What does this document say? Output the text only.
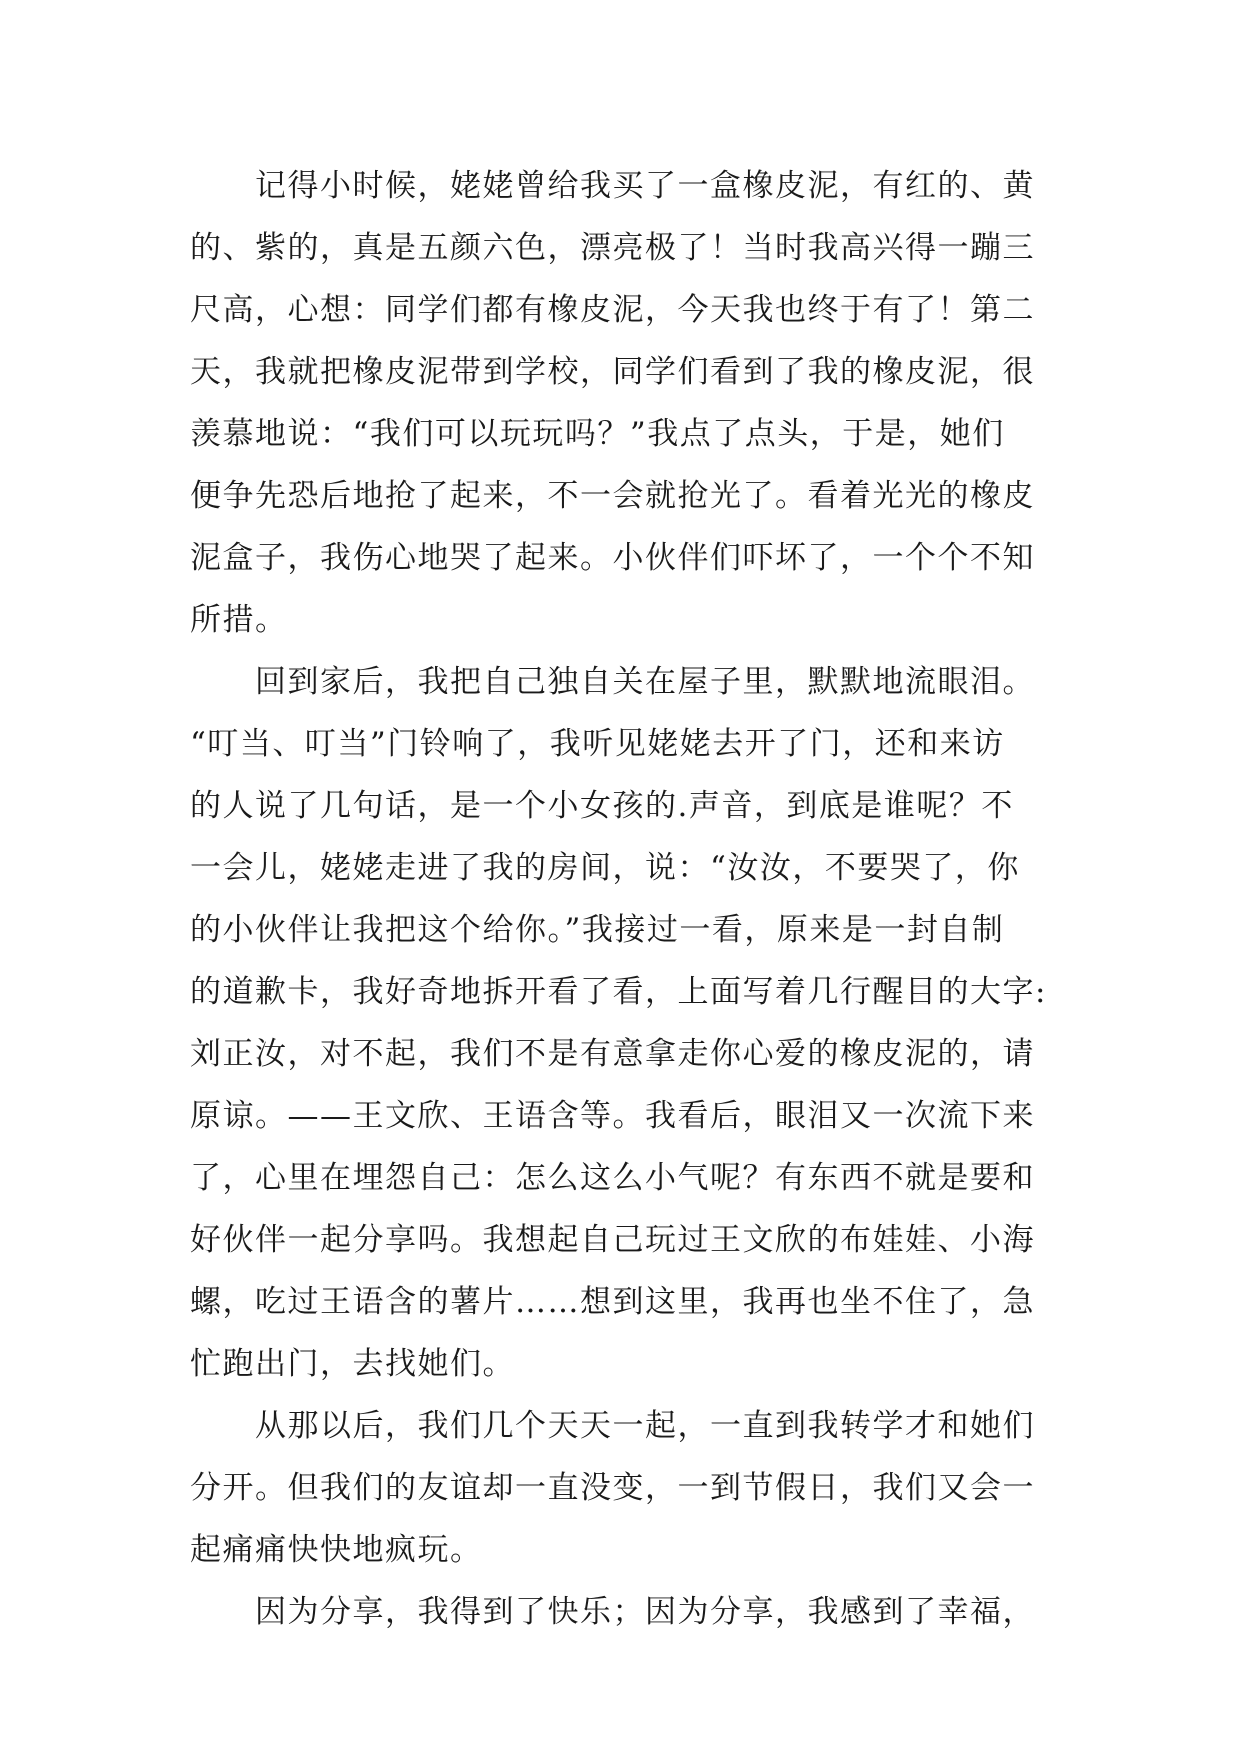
　　记得小时候，姥姥曾给我买了一盒橡皮泥，有红的、黄
的、紫的，真是五颜六色，漂亮极了！当时我高兴得一蹦三
尺高，心想：同学们都有橡皮泥，今天我也终于有了！第二
天，我就把橡皮泥带到学校，同学们看到了我的橡皮泥，很
羡慕地说：“我们可以玩玩吗？”我点了点头，于是，她们
便争先恐后地抢了起来，不一会就抢光了。看着光光的橡皮
泥盒子，我伤心地哭了起来。小伙伴们吓坏了，一个个不知
所措。
　　回到家后，我把自己独自关在屋子里，默默地流眼泪。
“叮当、叮当”门铃响了，我听见姥姥去开了门，还和来访
的人说了几句话，是一个小女孩的.声音，到底是谁呢？不
一会儿，姥姥走进了我的房间，说：“汝汝，不要哭了，你
的小伙伴让我把这个给你。”我接过一看，原来是一封自制
的道歉卡，我好奇地拆开看了看，上面写着几行醒目的大字:
刘正汝，对不起，我们不是有意拿走你心爱的橡皮泥的，请
原谅。——王文欣、王语含等。我看后，眼泪又一次流下来
了，心里在埋怨自己：怎么这么小气呢？有东西不就是要和
好伙伴一起分享吗。我想起自己玩过王文欣的布娃娃、小海
螺，吃过王语含的薯片……想到这里，我再也坐不住了，急
忙跑出门，去找她们。
　　从那以后，我们几个天天一起，一直到我转学才和她们
分开。但我们的友谊却一直没变，一到节假日，我们又会一
起痛痛快快地疯玩。
　　因为分享，我得到了快乐；因为分享，我感到了幸福，
